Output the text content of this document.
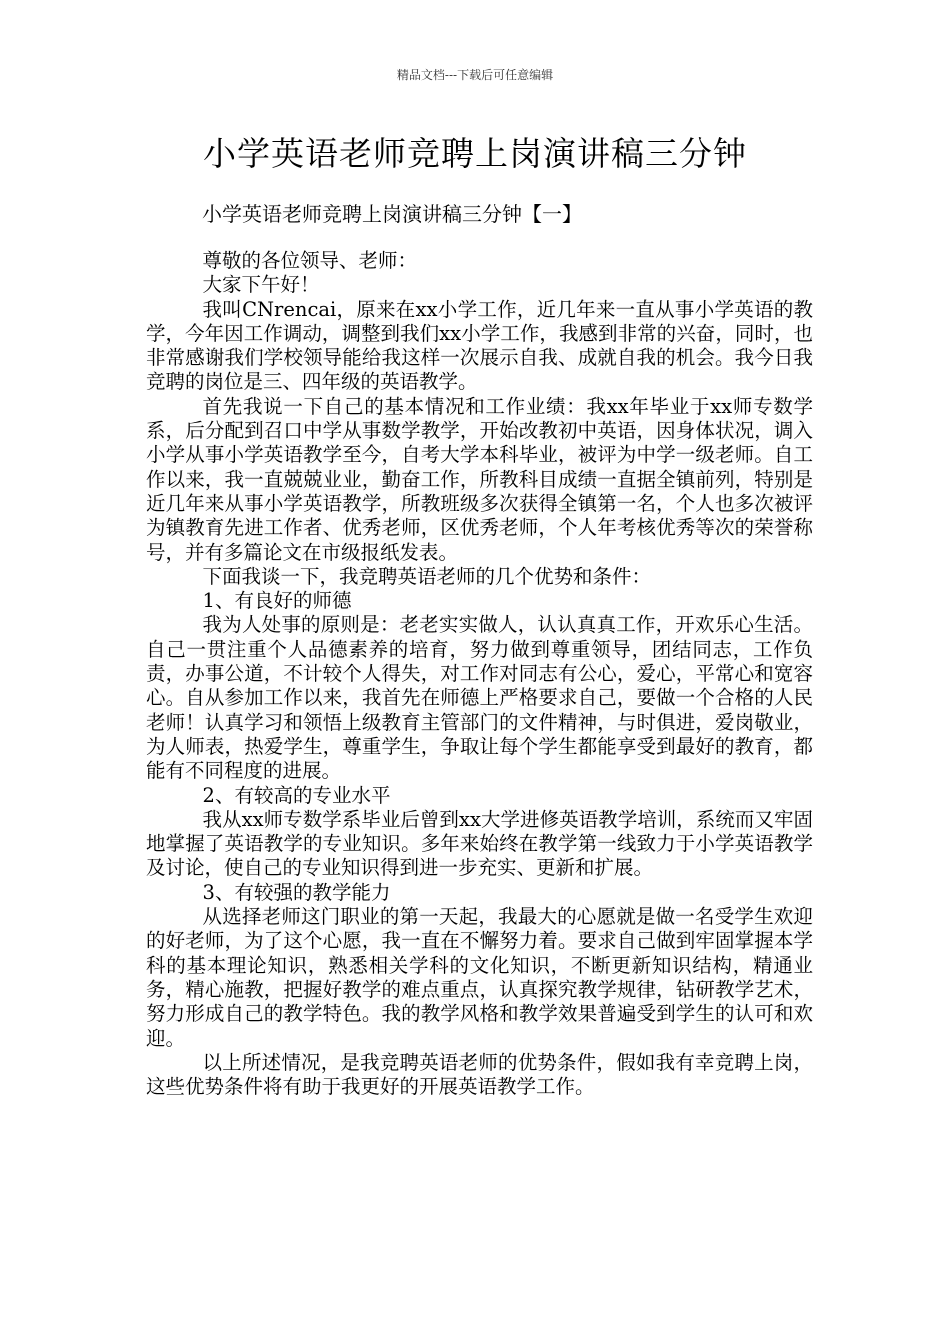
精品文档---下载后可任意编辑
小学英语老师竞聘上岗演讲稿三分钟
小学英语老师竞聘上岗演讲稿三分钟【一】

尊敬的各位领导、老师：

大家下午好！

我叫CNrencai，原来在xx小学工作，近几年来一直从事小学英语的教学，今年因工作调动，调整到我们xx小学工作，我感到非常的兴奋，同时，也非常感谢我们学校领导能给我这样一次展示自我、成就自我的机会。我今日我竞聘的岗位是三、四年级的英语教学。

首先我说一下自己的基本情况和工作业绩：我xx年毕业于xx师专数学系，后分配到召口中学从事数学教学，开始改教初中英语，因身体状况，调入小学从事小学英语教学至今，自考大学本科毕业，被评为中学一级老师。自工作以来，我一直兢兢业业，勤奋工作，所教科目成绩一直据全镇前列，特别是近几年来从事小学英语教学，所教班级多次获得全镇第一名，个人也多次被评为镇教育先进工作者、优秀老师，区优秀老师，个人年考核优秀等次的荣誉称号，并有多篇论文在市级报纸发表。

下面我谈一下，我竞聘英语老师的几个优势和条件：

1、有良好的师德

我为人处事的原则是：老老实实做人，认认真真工作，开欢乐心生活。自己一贯注重个人品德素养的培育，努力做到尊重领导，团结同志，工作负责，办事公道，不计较个人得失，对工作对同志有公心，爱心，平常心和宽容心。自从参加工作以来，我首先在师德上严格要求自己，要做一个合格的人民老师！认真学习和领悟上级教育主管部门的文件精神，与时俱进，爱岗敬业，为人师表，热爱学生，尊重学生，争取让每个学生都能享受到最好的教育，都能有不同程度的进展。

2、有较高的专业水平

我从xx师专数学系毕业后曾到xx大学进修英语教学培训，系统而又牢固地掌握了英语教学的专业知识。多年来始终在教学第一线致力于小学英语教学及讨论，使自己的专业知识得到进一步充实、更新和扩展。

3、有较强的教学能力

从选择老师这门职业的第一天起，我最大的心愿就是做一名受学生欢迎的好老师，为了这个心愿，我一直在不懈努力着。要求自己做到牢固掌握本学科的基本理论知识，熟悉相关学科的文化知识，不断更新知识结构，精通业务，精心施教，把握好教学的难点重点，认真探究教学规律，钻研教学艺术，努力形成自己的教学特色。我的教学风格和教学效果普遍受到学生的认可和欢迎。

以上所述情况，是我竞聘英语老师的优势条件，假如我有幸竞聘上岗，这些优势条件将有助于我更好的开展英语教学工作。
